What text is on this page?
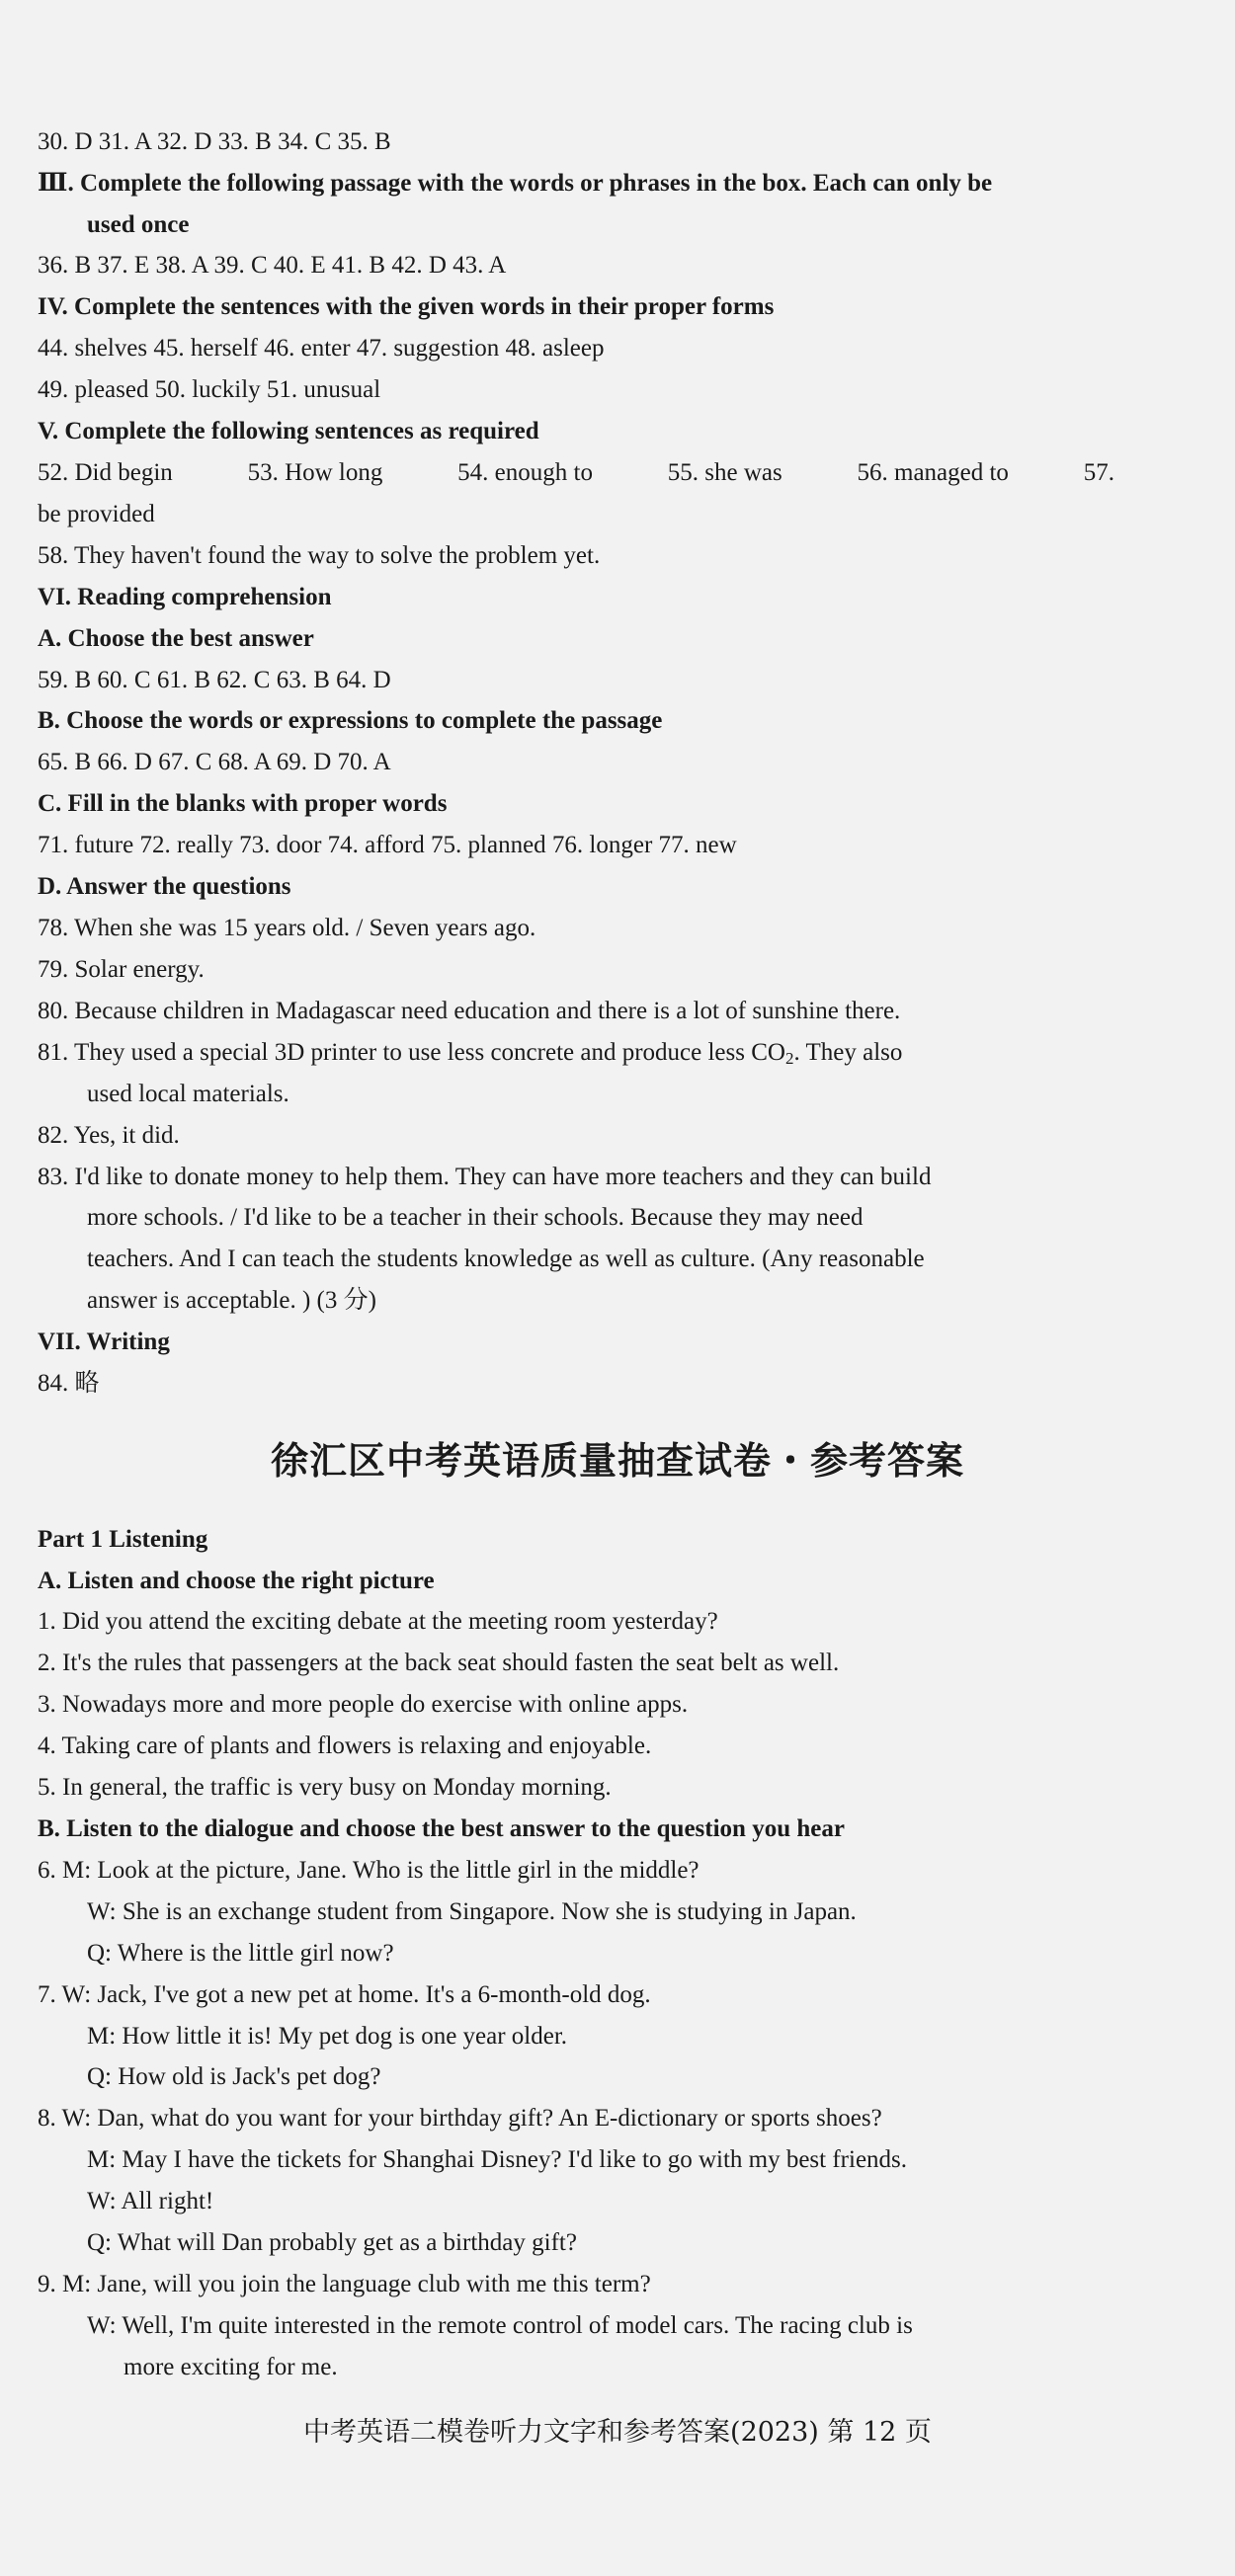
30. D 31. A 32. D 33. B 34. C 35. B
Ⅲ. Complete the following passage with the words or phrases in the box. Each can only be
used once
36. B 37. E 38. A 39. C 40. E 41. B 42. D 43. A
IV. Complete the sentences with the given words in their proper forms
44. shelves 45. herself 46. enter 47. suggestion 48. asleep
49. pleased 50. luckily 51. unusual
V. Complete the following sentences as required
52. Did begin	53. How long	54. enough to	55. she was	56. managed to	57.
be provided
58. They haven't found the way to solve the problem yet.
VI. Reading comprehension
A. Choose the best answer
59. B 60. C 61. B 62. C 63. B 64. D
B. Choose the words or expressions to complete the passage
65. B 66. D 67. C 68. A 69. D 70. A
C. Fill in the blanks with proper words
71. future 72. really 73. door 74. afford 75. planned 76. longer 77. new
D. Answer the questions
78. When she was 15 years old. / Seven years ago.
79. Solar energy.
80. Because children in Madagascar need education and there is a lot of sunshine there.
81. They used a special 3D printer to use less concrete and produce less $CO_2$. They also
used local materials.
82. Yes, it did.
83. I'd like to donate money to help them. They can have more teachers and they can build
more schools. / I'd like to be a teacher in their schools. Because they may need
teachers. And I can teach the students knowledge as well as culture. (Any reasonable
answer is acceptable. ) (3 分)
VII. Writing
84. 略
徐汇区中考英语质量抽查试卷・参考答案
Part 1 Listening
A. Listen and choose the right picture
1. Did you attend the exciting debate at the meeting room yesterday?
2. It's the rules that passengers at the back seat should fasten the seat belt as well.
3. Nowadays more and more people do exercise with online apps.
4. Taking care of plants and flowers is relaxing and enjoyable.
5. In general, the traffic is very busy on Monday morning.
B. Listen to the dialogue and choose the best answer to the question you hear
6. M: Look at the picture, Jane. Who is the little girl in the middle?
W: She is an exchange student from Singapore. Now she is studying in Japan.
Q: Where is the little girl now?
7. W: Jack, I've got a new pet at home. It's a 6-month-old dog.
M: How little it is! My pet dog is one year older.
Q: How old is Jack's pet dog?
8. W: Dan, what do you want for your birthday gift? An E-dictionary or sports shoes?
M: May I have the tickets for Shanghai Disney? I'd like to go with my best friends.
W: All right!
Q: What will Dan probably get as a birthday gift?
9. M: Jane, will you join the language club with me this term?
W: Well, I'm quite interested in the remote control of model cars. The racing club is
more exciting for me.
中考英语二模卷听力文字和参考答案(2023) 第 12 页
